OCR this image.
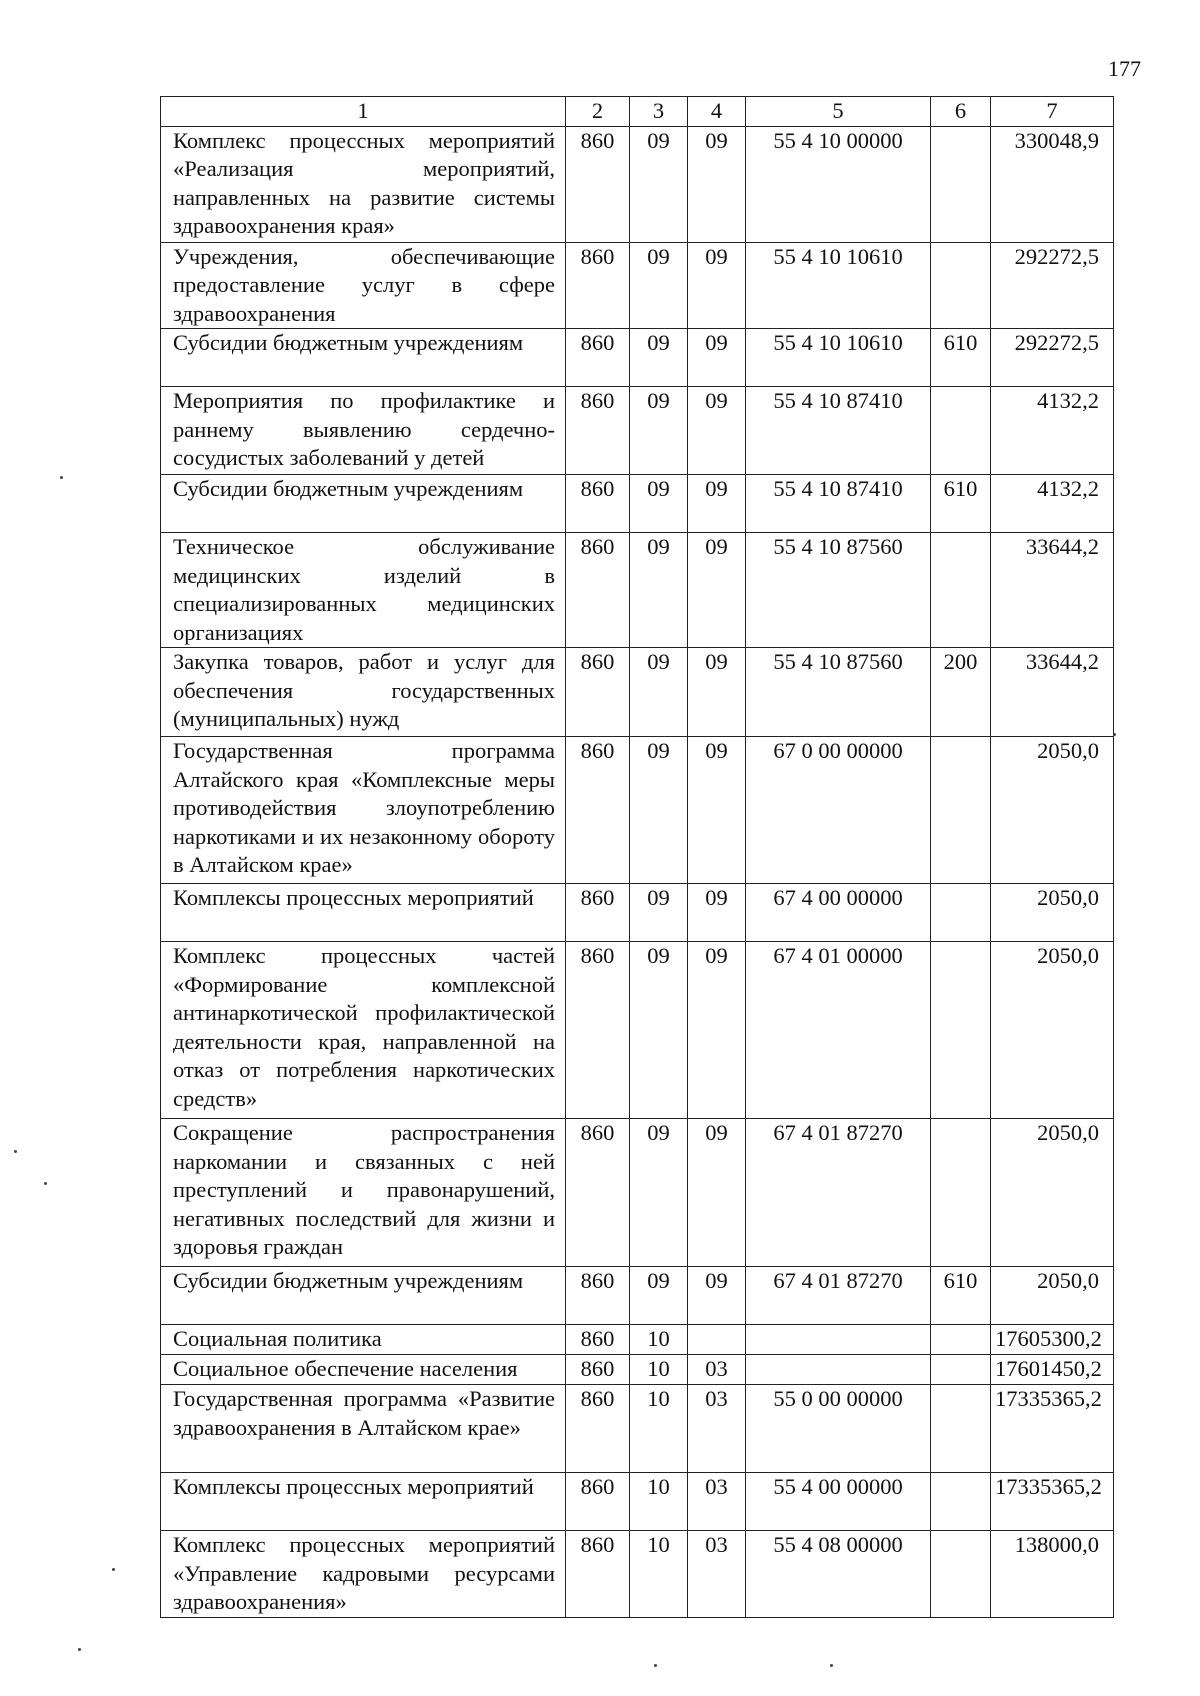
177
1	2	3	4	5	6	7
Комплекс процессных мероприятий «Реализация мероприятий, направленных на развитие системы здравоохранения края»	860	09	09	55 4 10 00000		330048,9
Учреждения, обеспечивающие предоставление услуг в сфере здравоохранения	860	09	09	55 4 10 10610		292272,5
Субсидии бюджетным учреждениям	860	09	09	55 4 10 10610	610	292272,5
Мероприятия по профилактике и раннему выявлению сердечно-сосудистых заболеваний у детей	860	09	09	55 4 10 87410		4132,2
Субсидии бюджетным учреждениям	860	09	09	55 4 10 87410	610	4132,2
Техническое обслуживание медицинских изделий в специализированных медицинских организациях	860	09	09	55 4 10 87560		33644,2
Закупка товаров, работ и услуг для обеспечения государственных (муниципальных) нужд	860	09	09	55 4 10 87560	200	33644,2
Государственная программа Алтайского края «Комплексные меры противодействия злоупотреблению наркотиками и их незаконному обороту в Алтайском крае»	860	09	09	67 0 00 00000		2050,0
Комплексы процессных мероприятий	860	09	09	67 4 00 00000		2050,0
Комплекс процессных частей «Формирование комплексной антинаркотической профилактической деятельности края, направленной на отказ от потребления наркотических средств»	860	09	09	67 4 01 00000		2050,0
Сокращение распространения наркомании и связанных с ней преступлений и правонарушений, негативных последствий для жизни и здоровья граждан	860	09	09	67 4 01 87270		2050,0
Субсидии бюджетным учреждениям	860	09	09	67 4 01 87270	610	2050,0
Социальная политика	860	10				17605300,2
Социальное обеспечение населения	860	10	03			17601450,2
Государственная программа «Развитие здравоохранения в Алтайском крае»	860	10	03	55 0 00 00000		17335365,2
Комплексы процессных мероприятий	860	10	03	55 4 00 00000		17335365,2
Комплекс процессных мероприятий «Управление кадровыми ресурсами здравоохранения»	860	10	03	55 4 08 00000		138000,0
